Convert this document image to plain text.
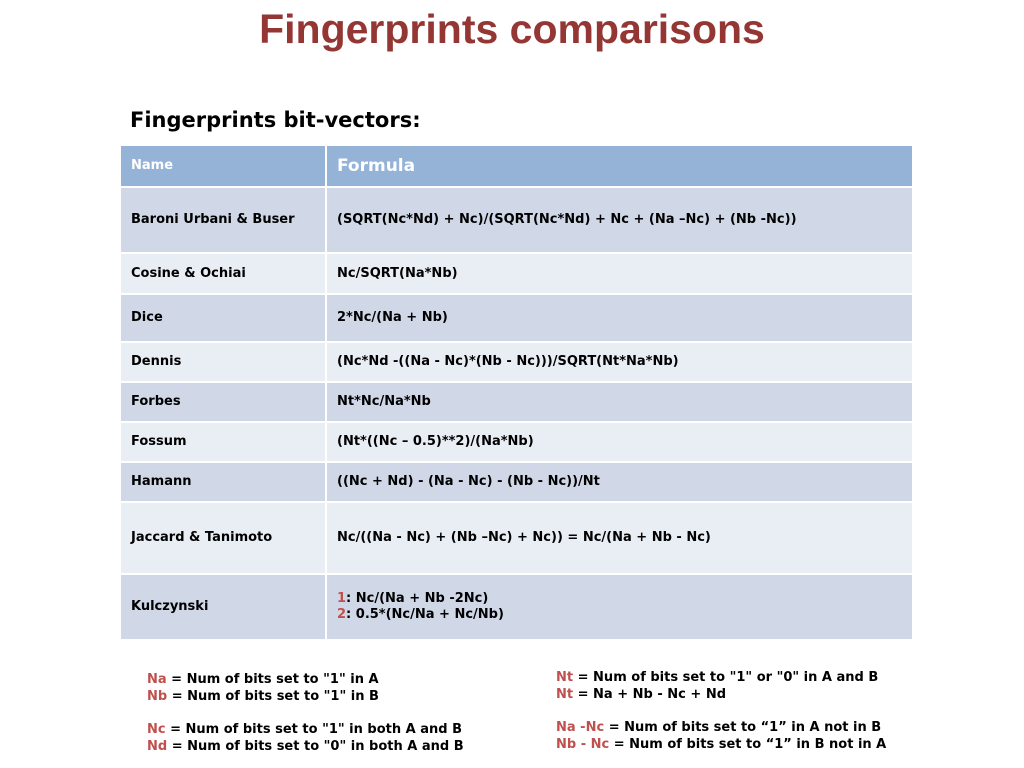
Fingerprints comparisons
Fingerprints bit-vectors:
Name	Formula
Baroni Urbani & Buser	(SQRT(Nc*Nd) + Nc)/(SQRT(Nc*Nd) + Nc + (Na –Nc) + (Nb -Nc))
Cosine & Ochiai	Nc/SQRT(Na*Nb)
Dice	2*Nc/(Na + Nb)
Dennis	(Nc*Nd -((Na - Nc)*(Nb - Nc)))/SQRT(Nt*Na*Nb)
Forbes	Nt*Nc/Na*Nb
Fossum	(Nt*((Nc – 0.5)**2)/(Na*Nb)
Hamann	((Nc + Nd) - (Na - Nc) - (Nb - Nc))/Nt
Jaccard & Tanimoto	Nc/((Na - Nc) + (Nb –Nc) + Nc)) = Nc/(Na + Nb - Nc)
Kulczynski	1: Nc/(Na + Nb -2Nc)
2: 0.5*(Nc/Na + Nc/Nb)
Na = Num of bits set to "1" in A
Nb = Num of bits set to "1" in B
Nc = Num of bits set to "1" in both A and B
Nd = Num of bits set to "0" in both A and B
Nt = Num of bits set to "1" or "0" in A and B
Nt = Na + Nb - Nc + Nd
Na -Nc = Num of bits set to “1” in A not in B
Nb - Nc = Num of bits set to “1” in B not in A
